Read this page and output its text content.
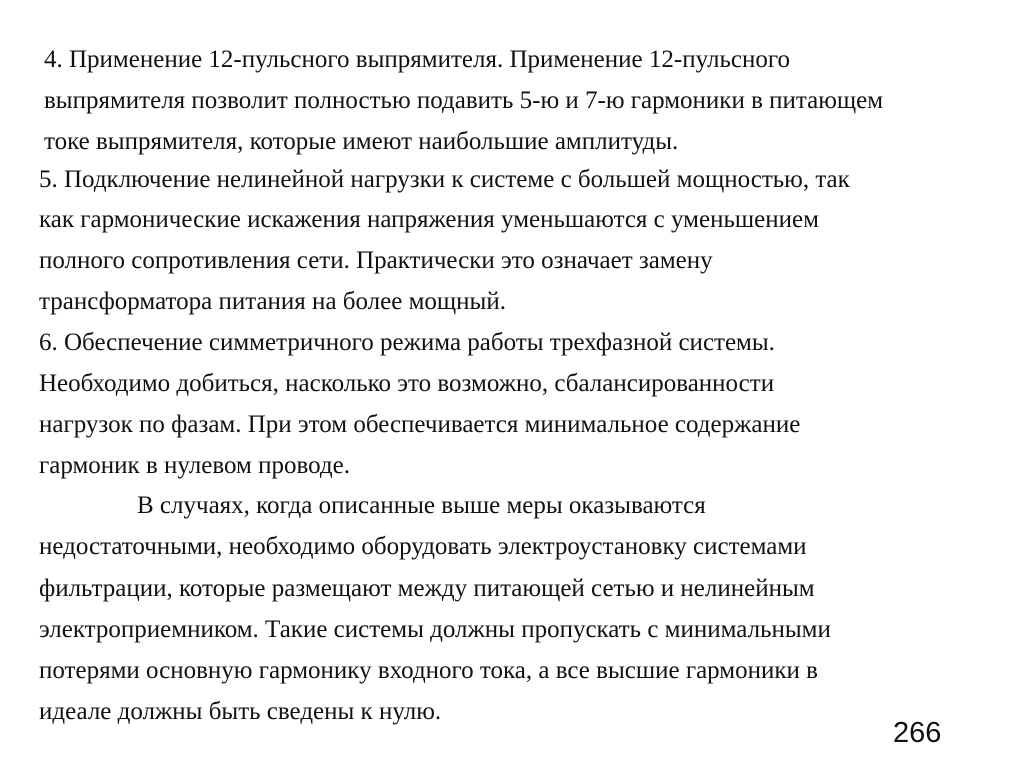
4. Применение 12-пульсного выпрямителя. Применение 12-пульсного
выпрямителя позволит полностью подавить 5-ю и 7-ю гармоники в питающем
токе выпрямителя, которые имеют наибольшие амплитуды.
5. Подключение нелинейной нагрузки к системе с большей мощностью, так
как гармонические искажения напряжения уменьшаются с уменьшением
полного сопротивления сети. Практически это означает замену
трансформатора питания на более мощный.
6. Обеспечение симметричного режима работы трехфазной системы.
Необходимо добиться, насколько это возможно, сбалансированности
нагрузок по фазам. При этом обеспечивается минимальное содержание
гармоник в нулевом проводе.
В случаях, когда описанные выше меры оказываются
недостаточными, необходимо оборудовать электроустановку системами
фильтрации, которые размещают между питающей сетью и нелинейным
электроприемником. Такие системы должны пропускать с минимальными
потерями основную гармонику входного тока, а все высшие гармоники в
идеале должны быть сведены к нулю.
266
